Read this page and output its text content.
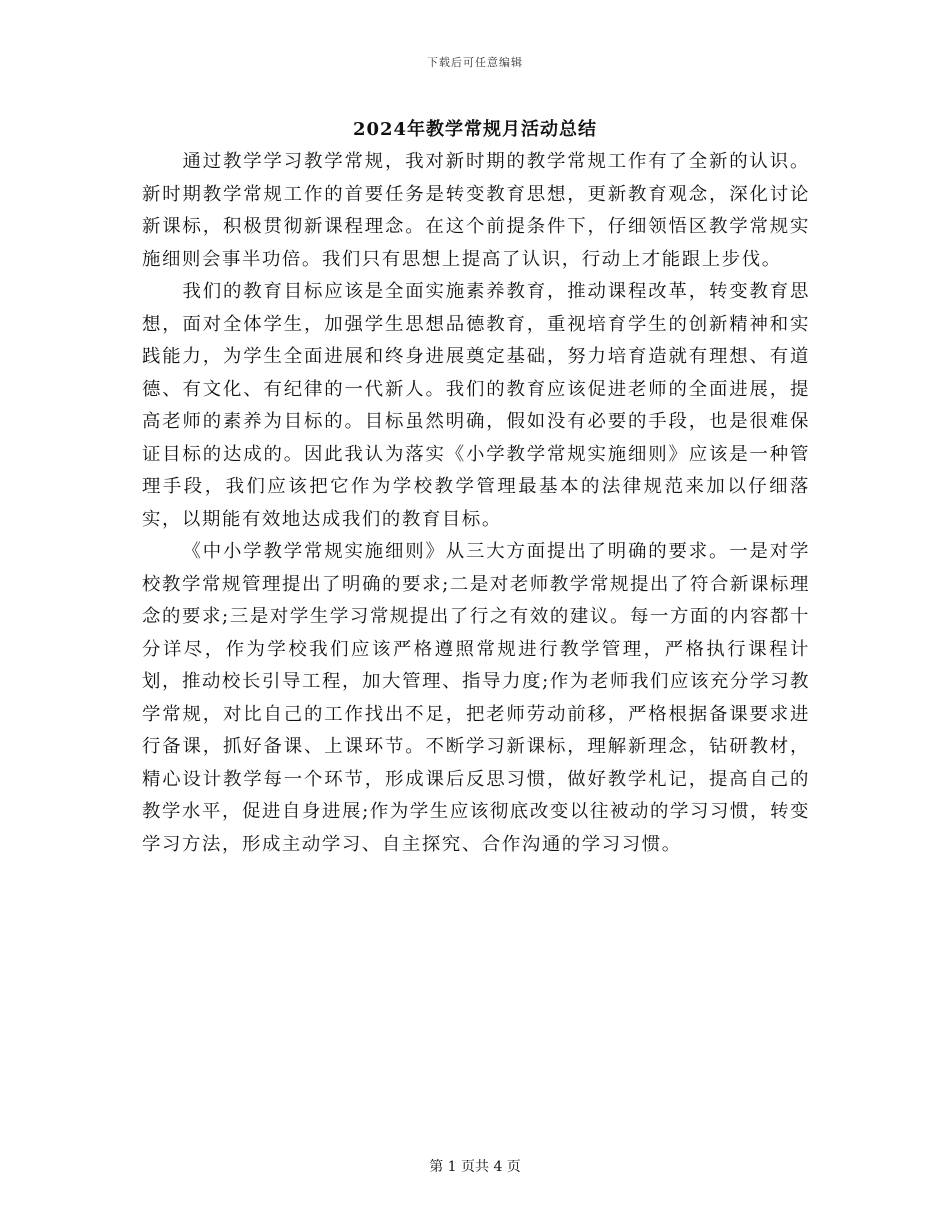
下载后可任意编辑
2024年教学常规月活动总结

通过教学学习教学常规，我对新时期的教学常规工作有了全新的认识。新时期教学常规工作的首要任务是转变教育思想，更新教育观念，深化讨论新课标，积极贯彻新课程理念。在这个前提条件下，仔细领悟区教学常规实施细则会事半功倍。我们只有思想上提高了认识，行动上才能跟上步伐。

我们的教育目标应该是全面实施素养教育，推动课程改革，转变教育思想，面对全体学生，加强学生思想品德教育，重视培育学生的创新精神和实践能力，为学生全面进展和终身进展奠定基础，努力培育造就有理想、有道德、有文化、有纪律的一代新人。我们的教育应该促进老师的全面进展，提高老师的素养为目标的。目标虽然明确，假如没有必要的手段，也是很难保证目标的达成的。因此我认为落实《小学教学常规实施细则》应该是一种管理手段，我们应该把它作为学校教学管理最基本的法律规范来加以仔细落实，以期能有效地达成我们的教育目标。

《中小学教学常规实施细则》从三大方面提出了明确的要求。一是对学校教学常规管理提出了明确的要求;二是对老师教学常规提出了符合新课标理念的要求;三是对学生学习常规提出了行之有效的建议。每一方面的内容都十分详尽，作为学校我们应该严格遵照常规进行教学管理，严格执行课程计划，推动校长引导工程，加大管理、指导力度;作为老师我们应该充分学习教学常规，对比自己的工作找出不足，把老师劳动前移，严格根据备课要求进行备课，抓好备课、上课环节。不断学习新课标，理解新理念，钻研教材，精心设计教学每一个环节，形成课后反思习惯，做好教学札记，提高自己的教学水平，促进自身进展;作为学生应该彻底改变以往被动的学习习惯，转变学习方法，形成主动学习、自主探究、合作沟通的学习习惯。

第 1 页共 4 页
